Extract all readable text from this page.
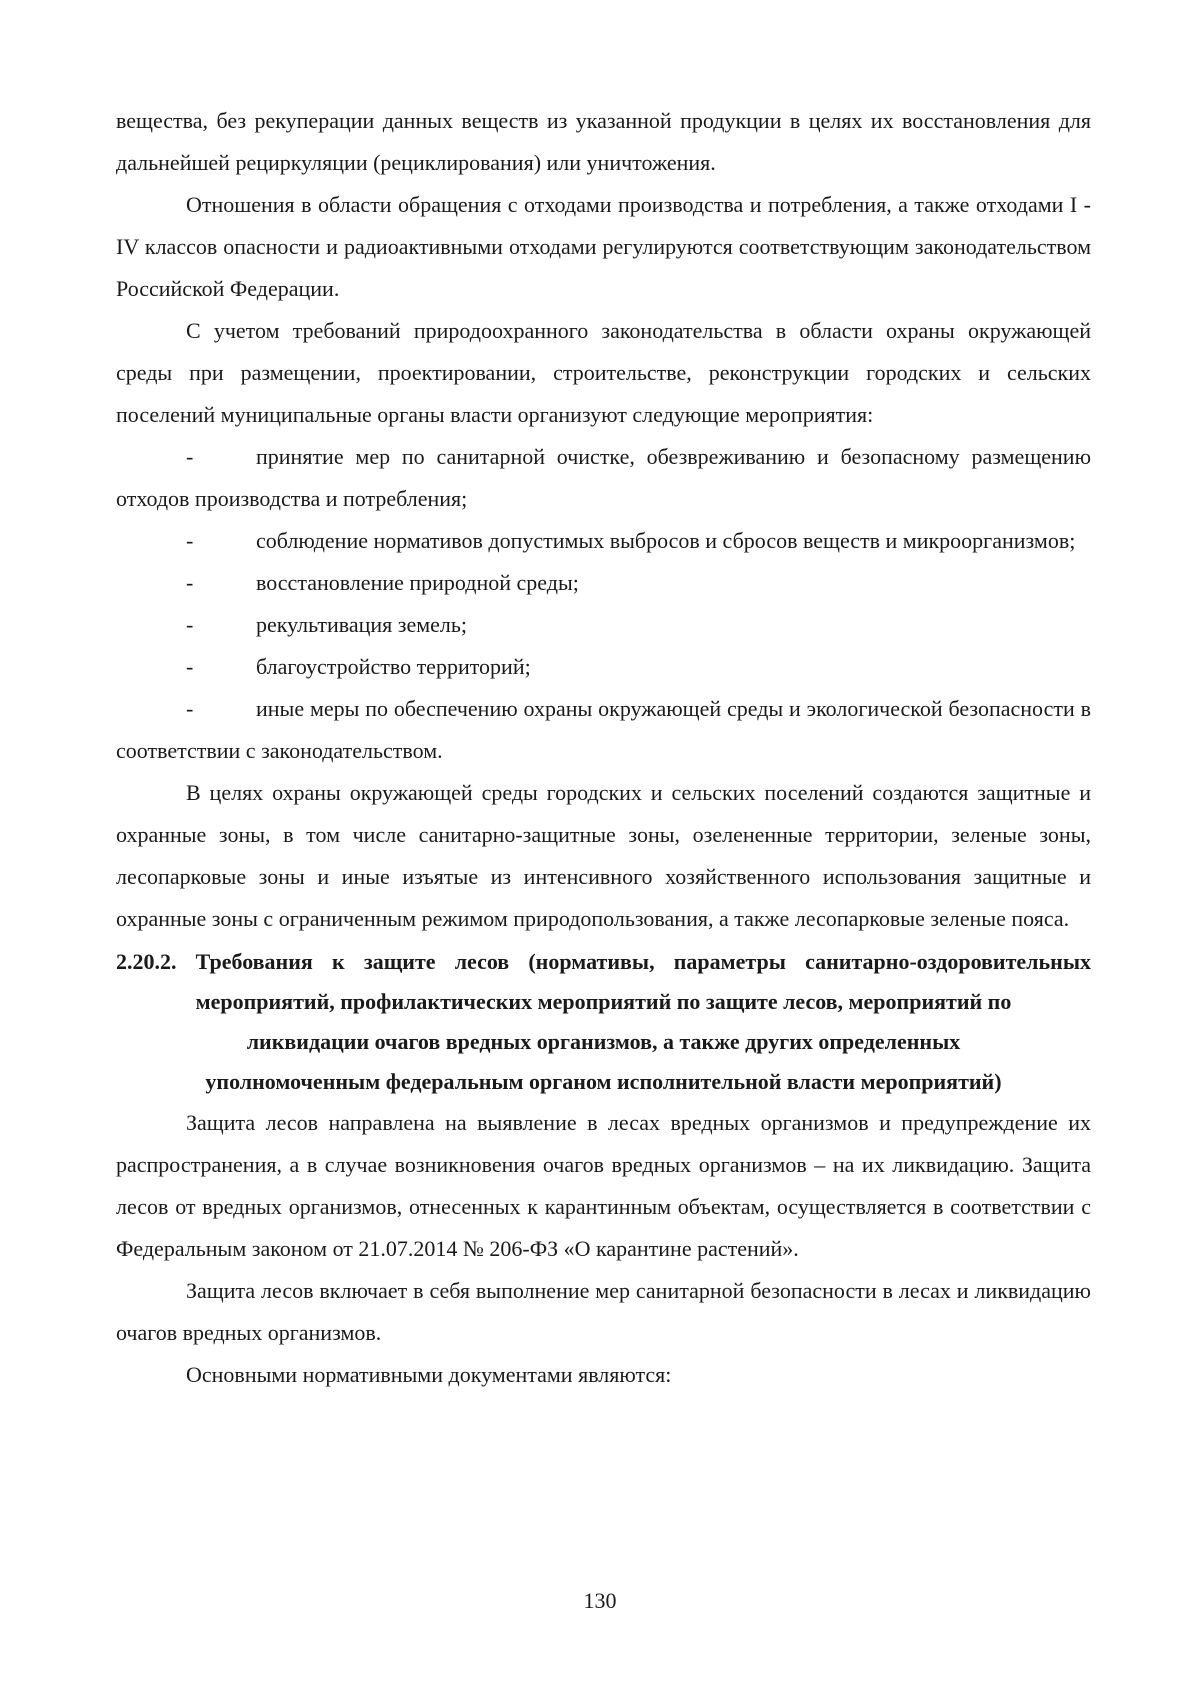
вещества, без рекуперации данных веществ из указанной продукции в целях их восстановления для дальнейшей рециркуляции (рециклирования) или уничтожения.

Отношения в области обращения с отходами производства и потребления, а также отходами I - IV классов опасности и радиоактивными отходами регулируются соответствующим законодательством Российской Федерации.

С учетом требований природоохранного законодательства в области охраны окружающей среды при размещении, проектировании, строительстве, реконструкции городских и сельских поселений муниципальные органы власти организуют следующие мероприятия:

-	принятие мер по санитарной очистке, обезвреживанию и безопасному размещению отходов производства и потребления;

-	соблюдение нормативов допустимых выбросов и сбросов веществ и микроорганизмов;

-	восстановление природной среды;

-	рекультивация земель;

-	благоустройство территорий;

-	иные меры по обеспечению охраны окружающей среды и экологической безопасности в соответствии с законодательством.

В целях охраны окружающей среды городских и сельских поселений создаются защитные и охранные зоны, в том числе санитарно-защитные зоны, озелененные территории, зеленые зоны, лесопарковые зоны и иные изъятые из интенсивного хозяйственного использования защитные и охранные зоны с ограниченным режимом природопользования, а также лесопарковые зеленые пояса.

2.20.2. Требования к защите лесов (нормативы, параметры санитарно-оздоровительных
мероприятий, профилактических мероприятий по защите лесов, мероприятий по
ликвидации очагов вредных организмов, а также других определенных
уполномоченным федеральным органом исполнительной власти мероприятий)

Защита лесов направлена на выявление в лесах вредных организмов и предупреждение их распространения, а в случае возникновения очагов вредных организмов – на их ликвидацию. Защита лесов от вредных организмов, отнесенных к карантинным объектам, осуществляется в соответствии с Федеральным законом от 21.07.2014 № 206-ФЗ «О карантине растений».

Защита лесов включает в себя выполнение мер санитарной безопасности в лесах и ликвидацию очагов вредных организмов.

Основными нормативными документами являются:

130
